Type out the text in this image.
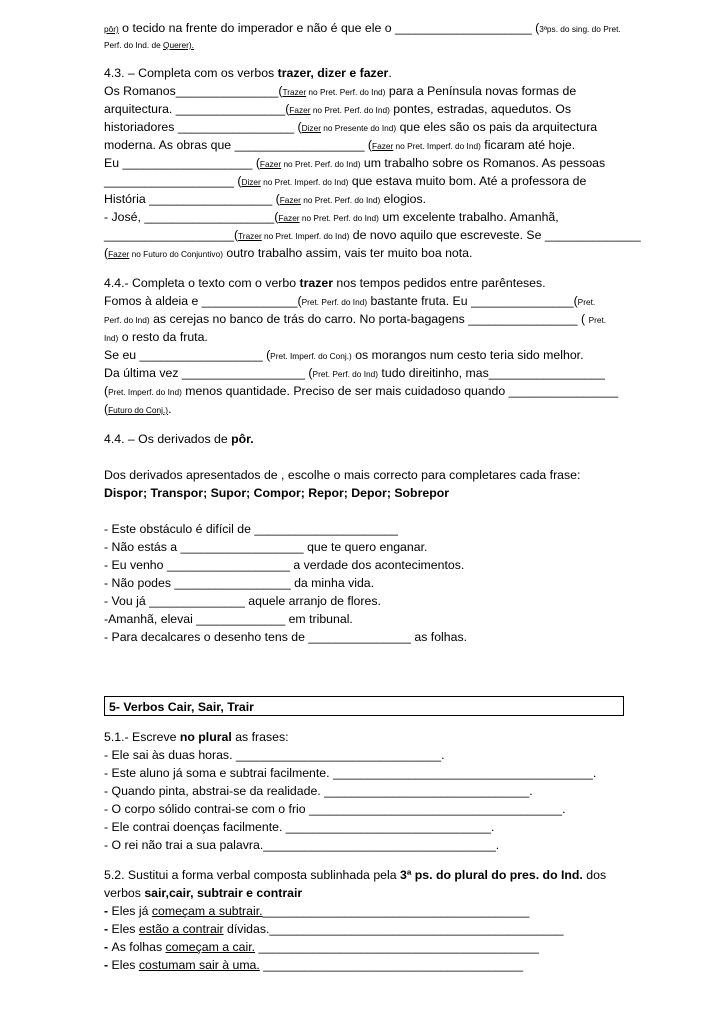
pôr) o tecido na frente do imperador e não é que ele o ____________________ (3ªps. do sing. do Pret.
Perf. do Ind. de Querer).
4.3. – Completa com os verbos trazer, dizer e fazer.
Os Romanos_______________(Trazer no Pret. Perf. do Ind) para a Península novas formas de
arquitectura. ________________(Fazer no Pret. Perf. do Ind) pontes, estradas, aquedutos. Os
historiadores _________________ (Dizer no Presente do Ind) que eles são os pais da arquitectura
moderna. As obras que ___________________ (Fazer no Pret. Imperf. do Ind) ficaram até hoje.
Eu ___________________ (Fazer no Pret. Perf. do Ind) um trabalho sobre os Romanos. As pessoas
___________________ (Dizer no Pret. Imperf. do Ind) que estava muito bom. Até a professora de
História __________________ (Fazer no Pret. Perf. do Ind) elogios.
- José, ___________________(Fazer no Pret. Perf. do Ind) um excelente trabalho. Amanhã,
___________________(Trazer no Pret. Imperf. do Ind) de novo aquilo que escreveste. Se ______________
(Fazer no Futuro do Conjuntivo) outro trabalho assim, vais ter muito boa nota.
4.4.- Completa o texto com o verbo trazer nos tempos pedidos entre parênteses.
Fomos à aldeia e ______________(Pret. Perf. do Ind) bastante fruta. Eu _______________(Pret.
Perf. do Ind) as cerejas no banco de trás do carro. No porta-bagagens ________________ ( Pret.
Ind) o resto da fruta.
Se eu __________________ (Pret. Imperf. do Conj.) os morangos num cesto teria sido melhor.
Da última vez __________________ (Pret. Perf. do Ind) tudo direitinho, mas_________________
(Pret. Imperf. do Ind) menos quantidade. Preciso de ser mais cuidadoso quando ________________
(Futuro do Conj.).
4.4. – Os derivados de pôr.
Dos derivados apresentados de , escolhe o mais correcto para completares cada frase:
Dispor; Transpor; Supor; Compor; Repor; Depor; Sobrepor
- Este obstáculo é difícil de _____________________
- Não estás a __________________ que te quero enganar.
- Eu venho __________________ a verdade dos acontecimentos.
- Não podes _________________ da minha vida.
- Vou já ______________ aquele arranjo de flores.
-Amanhã, elevai _____________ em tribunal.
- Para decalcares o desenho tens de _______________ as folhas.
5- Verbos Cair, Sair, Trair
5.1.- Escreve no plural as frases:
- Ele sai às duas horas. ______________________________.
- Este aluno já soma e subtrai facilmente. ______________________________________.
- Quando pinta, abstrai-se da realidade. ______________________________.
- O corpo sólido contrai-se com o frio _____________________________________.
- Ele contrai doenças facilmente. ______________________________.
- O rei não trai a sua palavra.__________________________________.
5.2. Sustitui a forma verbal composta sublinhada pela 3ª ps. do plural do pres. do Ind. dos
verbos sair,cair, subtrair e contrair
- Eles já começam a subtrair._______________________________________
- Eles estão a contrair dívidas.___________________________________________
- As folhas começam a cair. _________________________________________
- Eles costumam sair à uma. ______________________________________
